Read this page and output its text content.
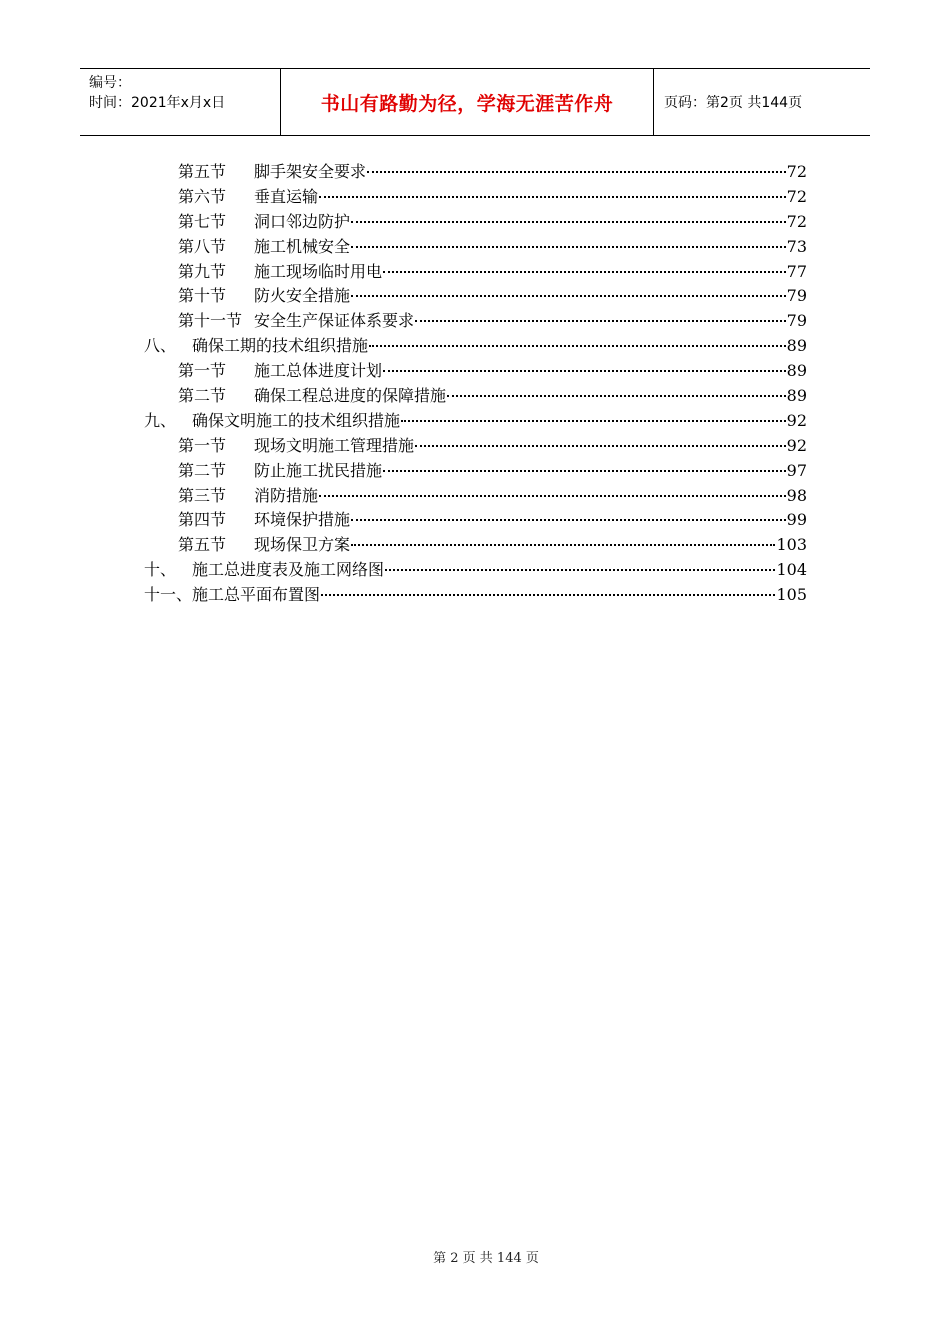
编号：
时间：2021年x月x日	书山有路勤为径，学海无涯苦作舟	页码：第2页 共144页
第五节	脚手架安全要求	72
第六节	垂直运输	72
第七节	洞口邻边防护	72
第八节	施工机械安全	73
第九节	施工现场临时用电	77
第十节	防火安全措施	79
第十一节 安全生产保证体系要求	79
八、 确保工期的技术组织措施	89
第一节	施工总体进度计划	89
第二节	确保工程总进度的保障措施	89
九、 确保文明施工的技术组织措施	92
第一节	现场文明施工管理措施	92
第二节	防止施工扰民措施	97
第三节	消防措施	98
第四节	环境保护措施	99
第五节	现场保卫方案	103
十、 施工总进度表及施工网络图	104
十一、 施工总平面布置图	105
第 2 页 共 144 页
